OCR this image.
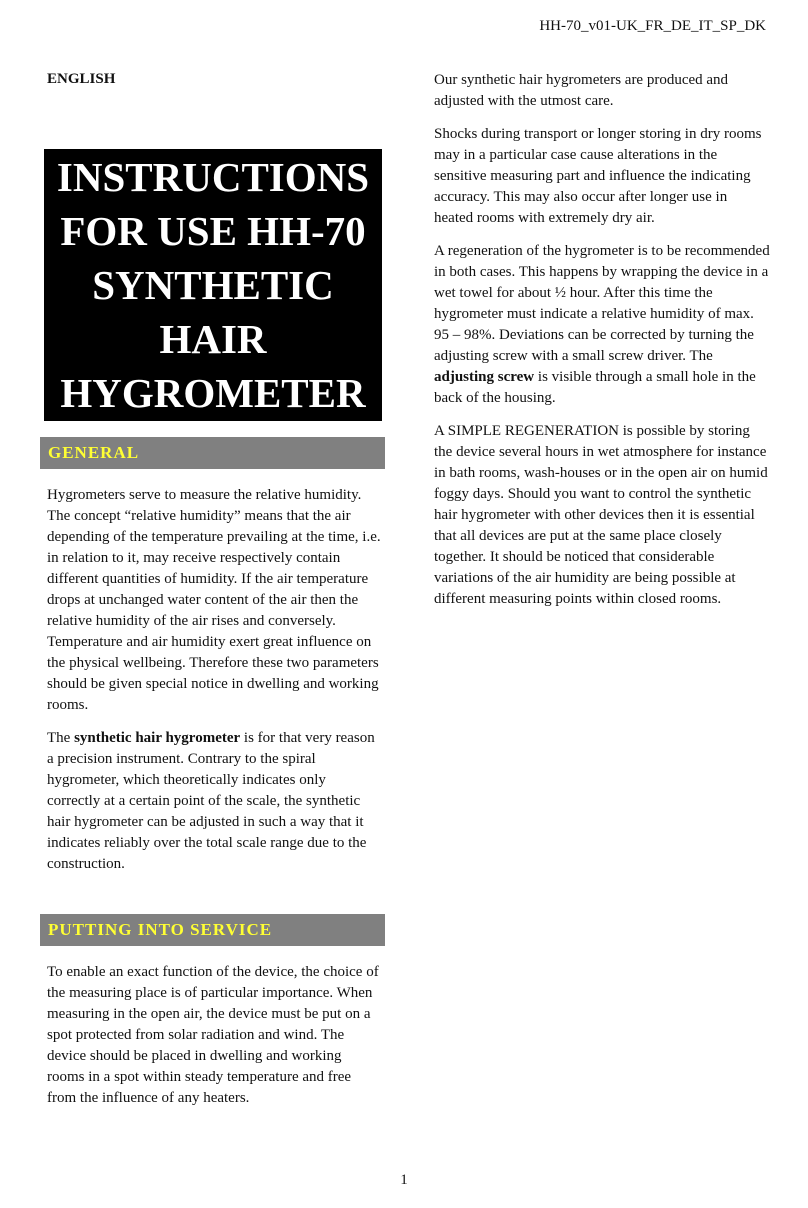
HH-70_v01-UK_FR_DE_IT_SP_DK
ENGLISH
INSTRUCTIONS
FOR USE HH-70
SYNTHETIC
HAIR
HYGROMETER
GENERAL

Hygrometers serve to measure the relative humidity. The concept “relative humidity” means that the air depending of the temperature prevailing at the time, i.e. in relation to it, may receive respectively contain different quantities of humidity. If the air temperature drops at unchanged water content of the air then the relative humidity of the air rises and conversely. Temperature and air humidity exert great influence on the physical wellbeing. Therefore these two parameters should be given special notice in dwelling and working rooms.

The synthetic hair hygrometer is for that very reason a precision instrument. Contrary to the spiral hygrometer, which theoretically indicates only correctly at a certain point of the scale, the synthetic hair hygrometer can be adjusted in such a way that it indicates reliably over the total scale range due to the construction.

PUTTING INTO SERVICE

To enable an exact function of the device, the choice of the measuring place is of particular importance. When measuring in the open air, the device must be put on a spot protected from solar radiation and wind. The device should be placed in dwelling and working rooms in a spot within steady temperature and free from the influence of any heaters.

Our synthetic hair hygrometers are produced and adjusted with the utmost care.

Shocks during transport or longer storing in dry rooms may in a particular case cause alterations in the sensitive measuring part and influence the indicating accuracy. This may also occur after longer use in heated rooms with extremely dry air.

A regeneration of the hygrometer is to be recommended in both cases. This happens by wrapping the device in a wet towel for about ½ hour. After this time the hygrometer must indicate a relative humidity of max. 95 – 98%. Deviations can be corrected by turning the adjusting screw with a small screw driver. The adjusting screw is visible through a small hole in the back of the housing.

A SIMPLE REGENERATION is possible by storing the device several hours in wet atmosphere for instance in bath rooms, wash-houses or in the open air on humid foggy days. Should you want to control the synthetic hair hygrometer with other devices then it is essential that all devices are put at the same place closely together. It should be noticed that considerable variations of the air humidity are being possible at different measuring points within closed rooms.

1
